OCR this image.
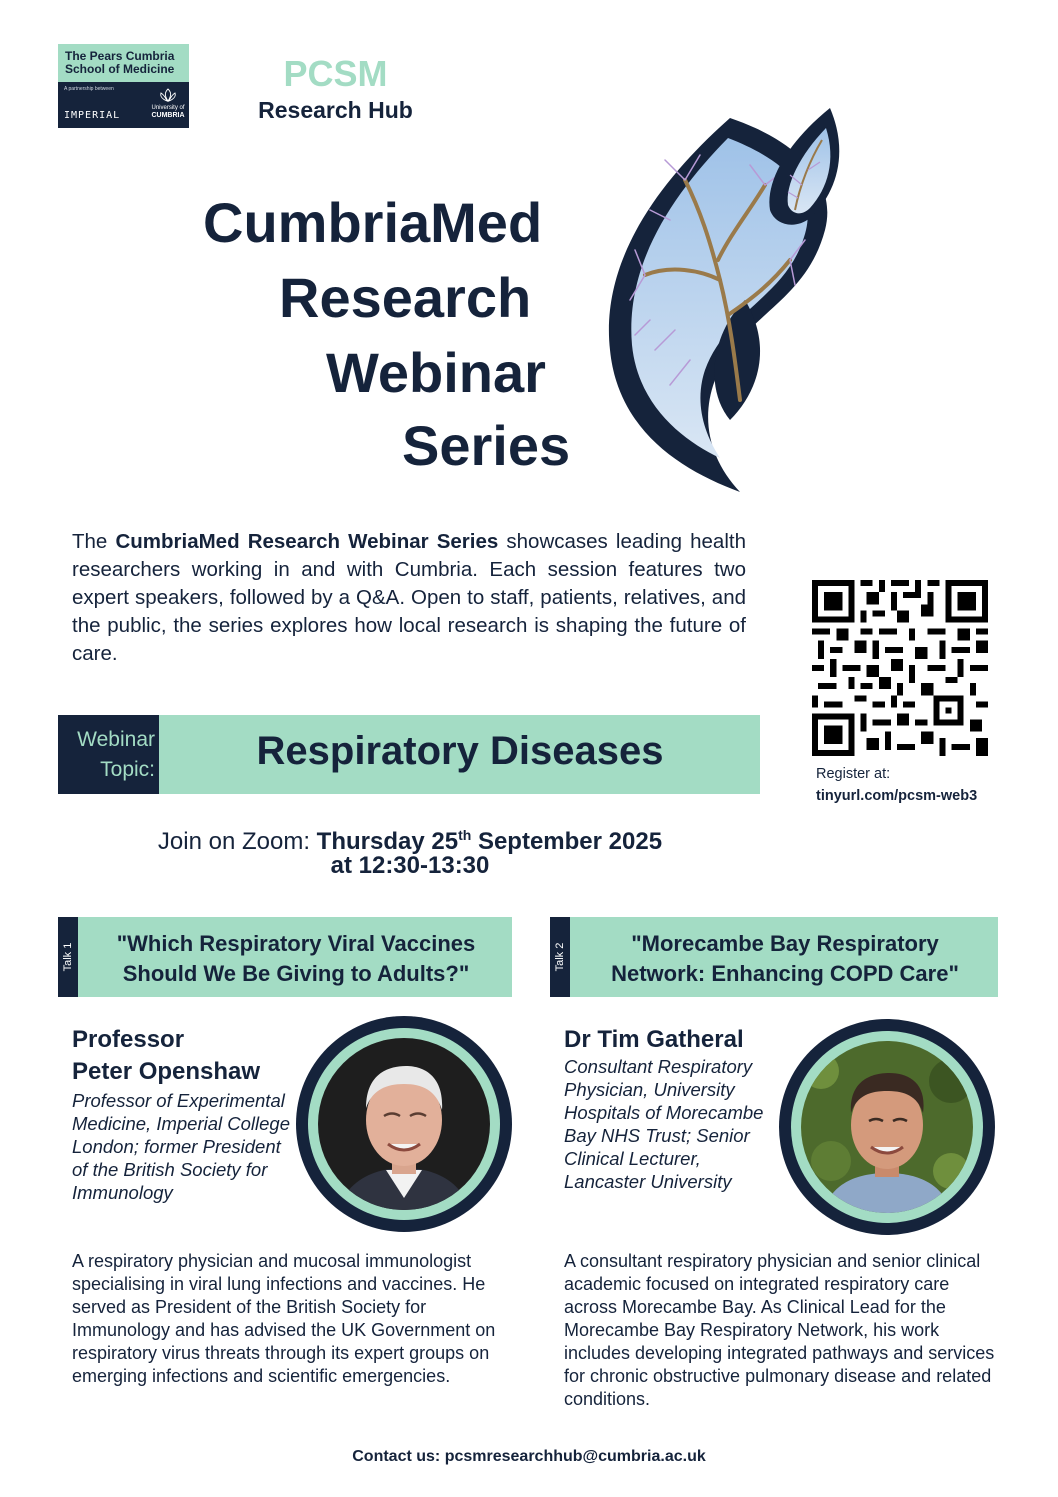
The Pears Cumbria
School of Medicine
A partnership between
IMPERIAL
University of
CUMBRIA
PCSM
Research Hub
CumbriaMed
Research
Webinar
Series
The CumbriaMed Research Webinar Series showcases leading health researchers working in and with Cumbria. Each session features two expert speakers, followed by a Q&A. Open to staff, patients, relatives, and the public, the series explores how local research is shaping the future of care.
Register at:
tinyurl.com/pcsm-web3
Webinar
Topic:	Respiratory Diseases
Join on Zoom: Thursday 25th September 2025
at 12:30-13:30
Talk 1	"Which Respiratory Viral Vaccines
Should We Be Giving to Adults?"
Talk 2	"Morecambe Bay Respiratory
Network: Enhancing COPD Care"
Professor
Peter Openshaw
Professor of Experimental Medicine, Imperial College London; former President of the British Society for Immunology
A respiratory physician and mucosal immunologist specialising in viral lung infections and vaccines. He served as President of the British Society for Immunology and has advised the UK Government on respiratory virus threats through its expert groups on emerging infections and scientific emergencies.
Dr Tim Gatheral
Consultant Respiratory Physician, University Hospitals of Morecambe Bay NHS Trust; Senior Clinical Lecturer, Lancaster University
A consultant respiratory physician and senior clinical academic focused on integrated respiratory care across Morecambe Bay. As Clinical Lead for the Morecambe Bay Respiratory Network, his work includes developing integrated pathways and services for chronic obstructive pulmonary disease and related conditions.
Contact us: pcsmresearchhub@cumbria.ac.uk
